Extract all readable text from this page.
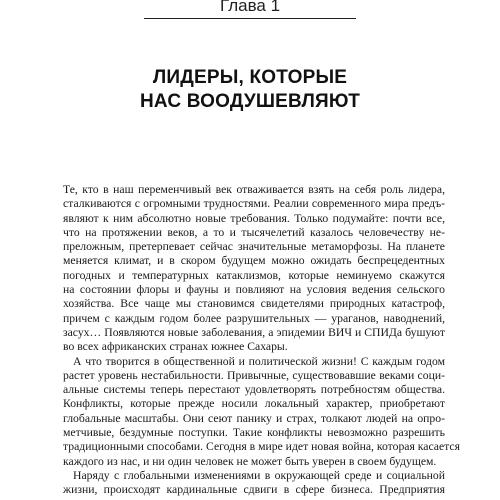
Глава 1
ЛИДЕРЫ, КОТОРЫЕ
НАС ВООДУШЕВЛЯЮТ
Те, кто в наш переменчивый век отваживается взять на себя роль лидера,
сталкиваются с огромными трудностями. Реалии современного мира предъ-
являют к ним абсолютно новые требования. Только подумайте: почти все,
что на протяжении веков, а то и тысячелетий казалось человечеству не-
преложным, претерпевает сейчас значительные метаморфозы. На планете
меняется климат, и в скором будущем можно ожидать беспрецедентных
погодных и температурных катаклизмов, которые неминуемо скажутся
на состоянии флоры и фауны и повлияют на условия ведения сельского
хозяйства. Все чаще мы становимся свидетелями природных катастроф,
причем с каждым годом более разрушительных — ураганов, наводнений,
засух… Появляются новые заболевания, а эпидемии ВИЧ и СПИДа бушуют
во всех африканских странах южнее Сахары.
А что творится в общественной и политической жизни! С каждым годом
растет уровень нестабильности. Привычные, существовавшие веками соци-
альные системы теперь перестают удовлетворять потребностям общества.
Конфликты, которые прежде носили локальный характер, приобретают
глобальные масштабы. Они сеют панику и страх, толкают людей на опро-
метчивые, бездумные поступки. Такие конфликты невозможно разрешить
традиционными способами. Сегодня в мире идет новая война, которая касается
каждого из нас, и ни один человек не может быть уверен в своем будущем.
Наряду с глобальными изменениями в окружающей среде и социальной
жизни, происходят кардинальные сдвиги в сфере бизнеса. Предприятия
